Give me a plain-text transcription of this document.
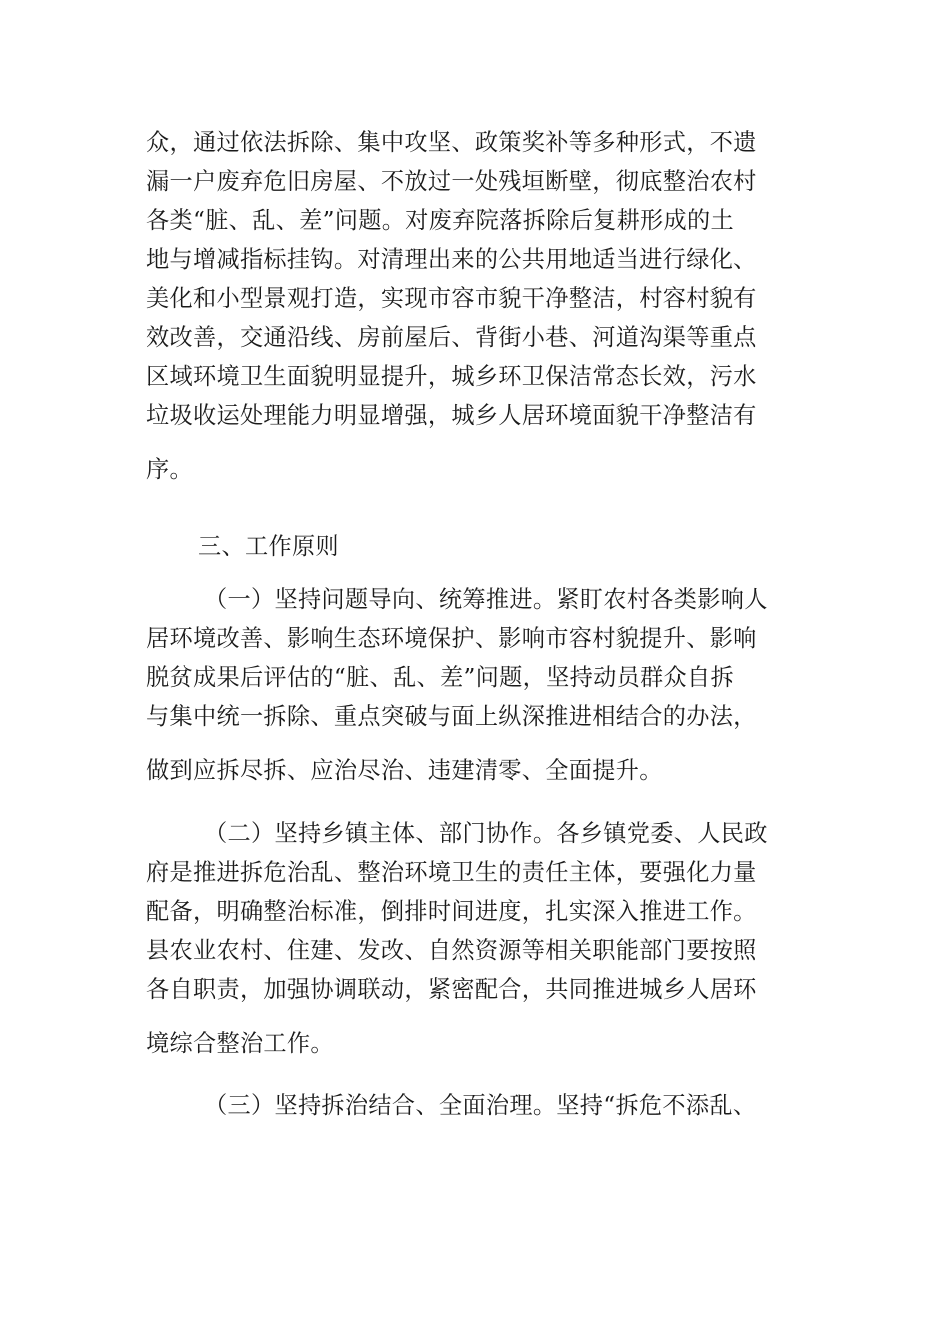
众，通过依法拆除、集中攻坚、政策奖补等多种形式，不遗
漏一户废弃危旧房屋、不放过一处残垣断壁，彻底整治农村
各类“脏、乱、差”问题。对废弃院落拆除后复耕形成的土
地与增减指标挂钩。对清理出来的公共用地适当进行绿化、
美化和小型景观打造，实现市容市貌干净整洁，村容村貌有
效改善，交通沿线、房前屋后、背街小巷、河道沟渠等重点
区域环境卫生面貌明显提升，城乡环卫保洁常态长效，污水
垃圾收运处理能力明显增强，城乡人居环境面貌干净整洁有
序。
三、工作原则
（一）坚持问题导向、统筹推进。紧盯农村各类影响人
居环境改善、影响生态环境保护、影响市容村貌提升、影响
脱贫成果后评估的“脏、乱、差”问题，坚持动员群众自拆
与集中统一拆除、重点突破与面上纵深推进相结合的办法，
做到应拆尽拆、应治尽治、违建清零、全面提升。
（二）坚持乡镇主体、部门协作。各乡镇党委、人民政
府是推进拆危治乱、整治环境卫生的责任主体，要强化力量
配备，明确整治标准，倒排时间进度，扎实深入推进工作。
县农业农村、住建、发改、自然资源等相关职能部门要按照
各自职责，加强协调联动，紧密配合，共同推进城乡人居环
境综合整治工作。
（三）坚持拆治结合、全面治理。坚持“拆危不添乱、
